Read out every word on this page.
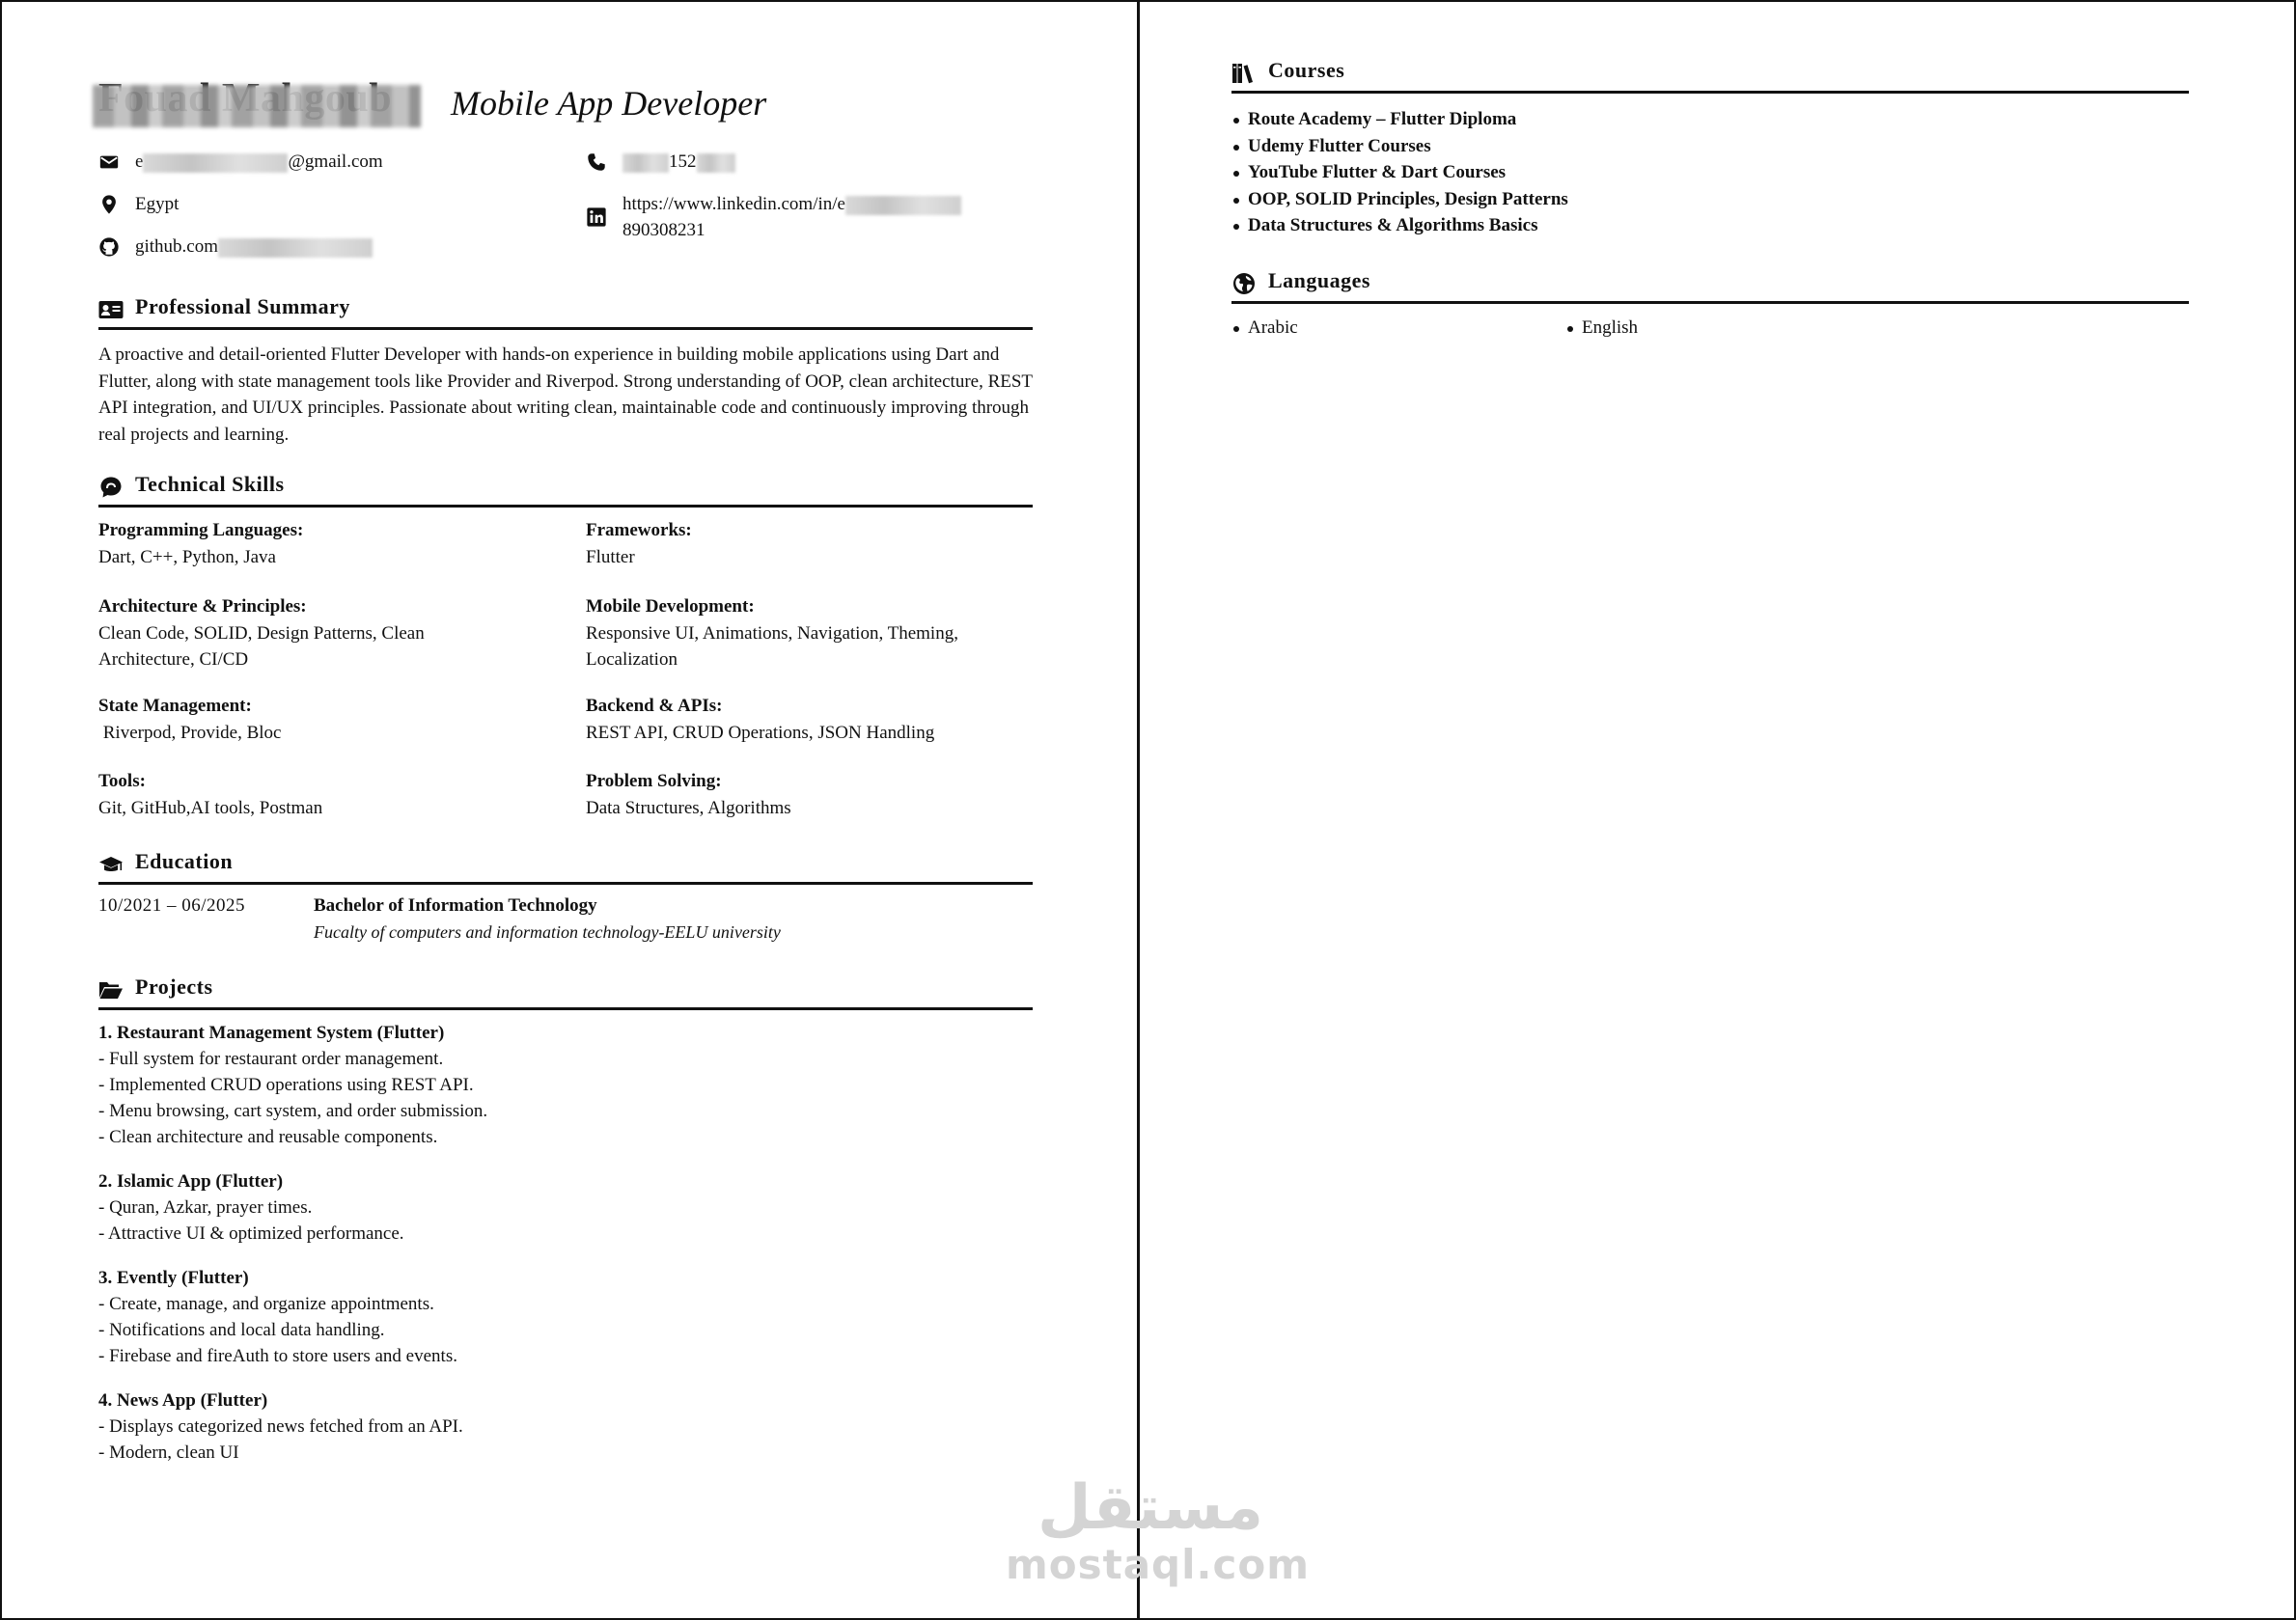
Mobile App Developer
e	@gmail.com	152
Egypt	https://www.linkedin.com/in/e
890308231
github.com
Professional Summary
A proactive and detail-oriented Flutter Developer with hands-on experience in building mobile applications using Dart and Flutter, along with state management tools like Provider and Riverpod. Strong understanding of OOP, clean architecture, REST API integration, and UI/UX principles. Passionate about writing clean, maintainable code and continuously improving through real projects and learning.
Technical Skills
Programming Languages:
Dart, C++, Python, Java
Frameworks:
Flutter
Architecture & Principles:
Clean Code, SOLID, Design Patterns, Clean Architecture, CI/CD
Mobile Development:
Responsive UI, Animations, Navigation, Theming, Localization
State Management:
Riverpod, Provide, Bloc
Backend & APIs:
REST API, CRUD Operations, JSON Handling
Tools:
Git, GitHub,AI tools, Postman
Problem Solving:
Data Structures, Algorithms
Education
10/2021 – 06/2025	Bachelor of Information Technology
Fucalty of computers and information technology-EELU university
Projects
1. Restaurant Management System (Flutter)
- Full system for restaurant order management.
- Implemented CRUD operations using REST API.
- Menu browsing, cart system, and order submission.
- Clean architecture and reusable components.
2. Islamic App (Flutter)
- Quran, Azkar, prayer times.
- Attractive UI & optimized performance.
3. Evently (Flutter)
- Create, manage, and organize appointments.
- Notifications and local data handling.
- Firebase and fireAuth to store users and events.
4. News App (Flutter)
- Displays categorized news fetched from an API.
- Modern, clean UI
Courses
Route Academy – Flutter Diploma
Udemy Flutter Courses
YouTube Flutter & Dart Courses
OOP, SOLID Principles, Design Patterns
Data Structures & Algorithms Basics
Languages
Arabic	English
مستقل
mostaql.com
